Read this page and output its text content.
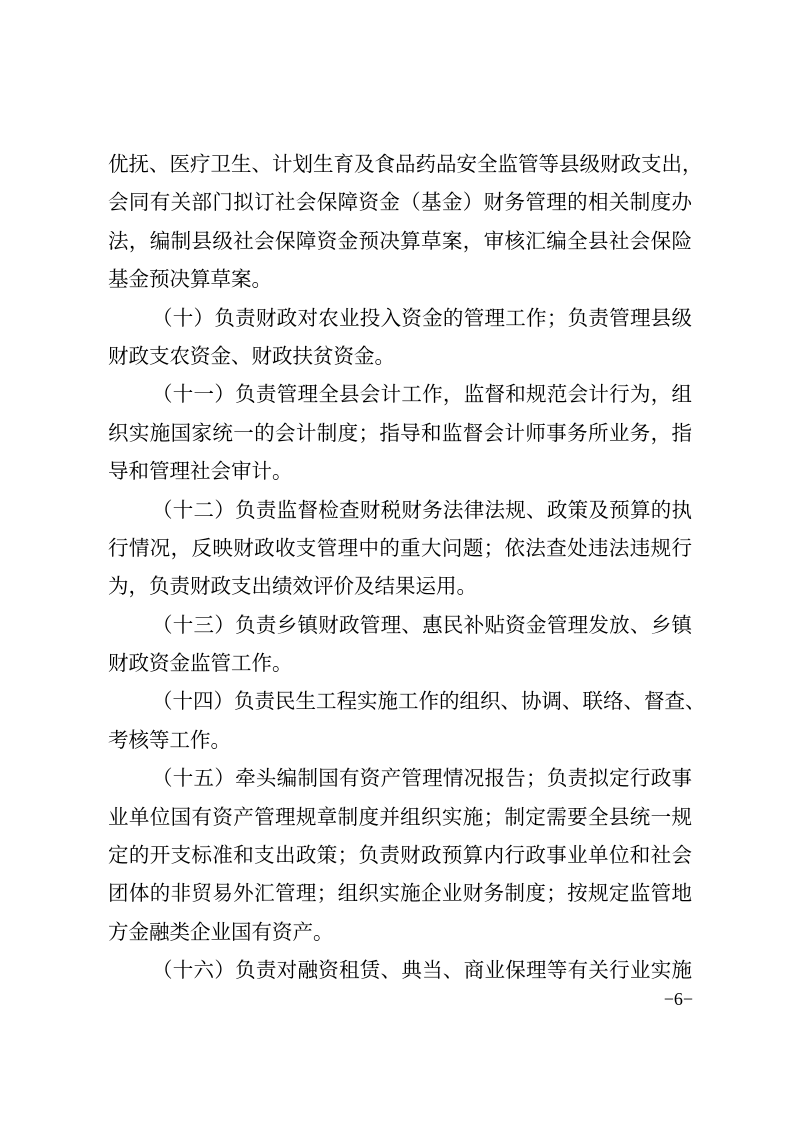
优抚、医疗卫生、计划生育及食品药品安全监管等县级财政支出，
会同有关部门拟订社会保障资金（基金）财务管理的相关制度办
法，编制县级社会保障资金预决算草案，审核汇编全县社会保险
基金预决算草案。
（十）负责财政对农业投入资金的管理工作；负责管理县级
财政支农资金、财政扶贫资金。
（十一）负责管理全县会计工作，监督和规范会计行为，组
织实施国家统一的会计制度；指导和监督会计师事务所业务，指
导和管理社会审计。
（十二）负责监督检查财税财务法律法规、政策及预算的执
行情况，反映财政收支管理中的重大问题；依法查处违法违规行
为，负责财政支出绩效评价及结果运用。
（十三）负责乡镇财政管理、惠民补贴资金管理发放、乡镇
财政资金监管工作。
（十四）负责民生工程实施工作的组织、协调、联络、督查、
考核等工作。
（十五）牵头编制国有资产管理情况报告；负责拟定行政事
业单位国有资产管理规章制度并组织实施；制定需要全县统一规
定的开支标准和支出政策；负责财政预算内行政事业单位和社会
团体的非贸易外汇管理；组织实施企业财务制度；按规定监管地
方金融类企业国有资产。
（十六）负责对融资租赁、典当、商业保理等有关行业实施
−6−
